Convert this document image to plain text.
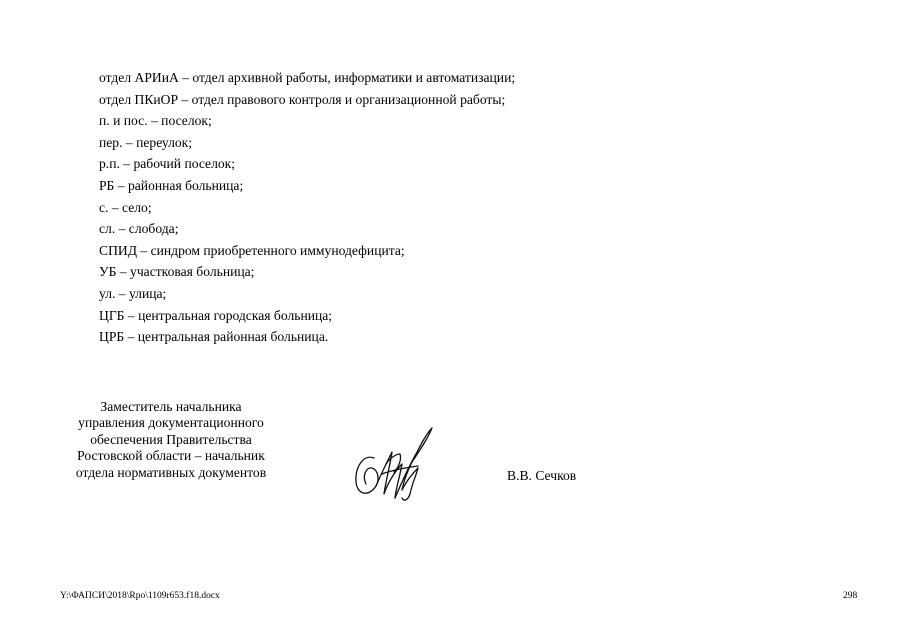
отдел АРИиА – отдел архивной работы, информатики и автоматизации;
отдел ПКиОР – отдел правового контроля и организационной работы;
п. и пос. – поселок;
пер. – переулок;
р.п. – рабочий поселок;
РБ – районная больница;
с. – село;
сл. – слобода;
СПИД – синдром приобретенного иммунодефицита;
УБ – участковая больница;
ул. – улица;
ЦГБ – центральная городская больница;
ЦРБ – центральная районная больница.
Заместитель начальника
управления документационного
обеспечения Правительства
Ростовской области – начальник
отдела нормативных документов	В.В. Сечков
Y:\ФАПСИ\2018\Rpo\1109r653.f18.docx	298
